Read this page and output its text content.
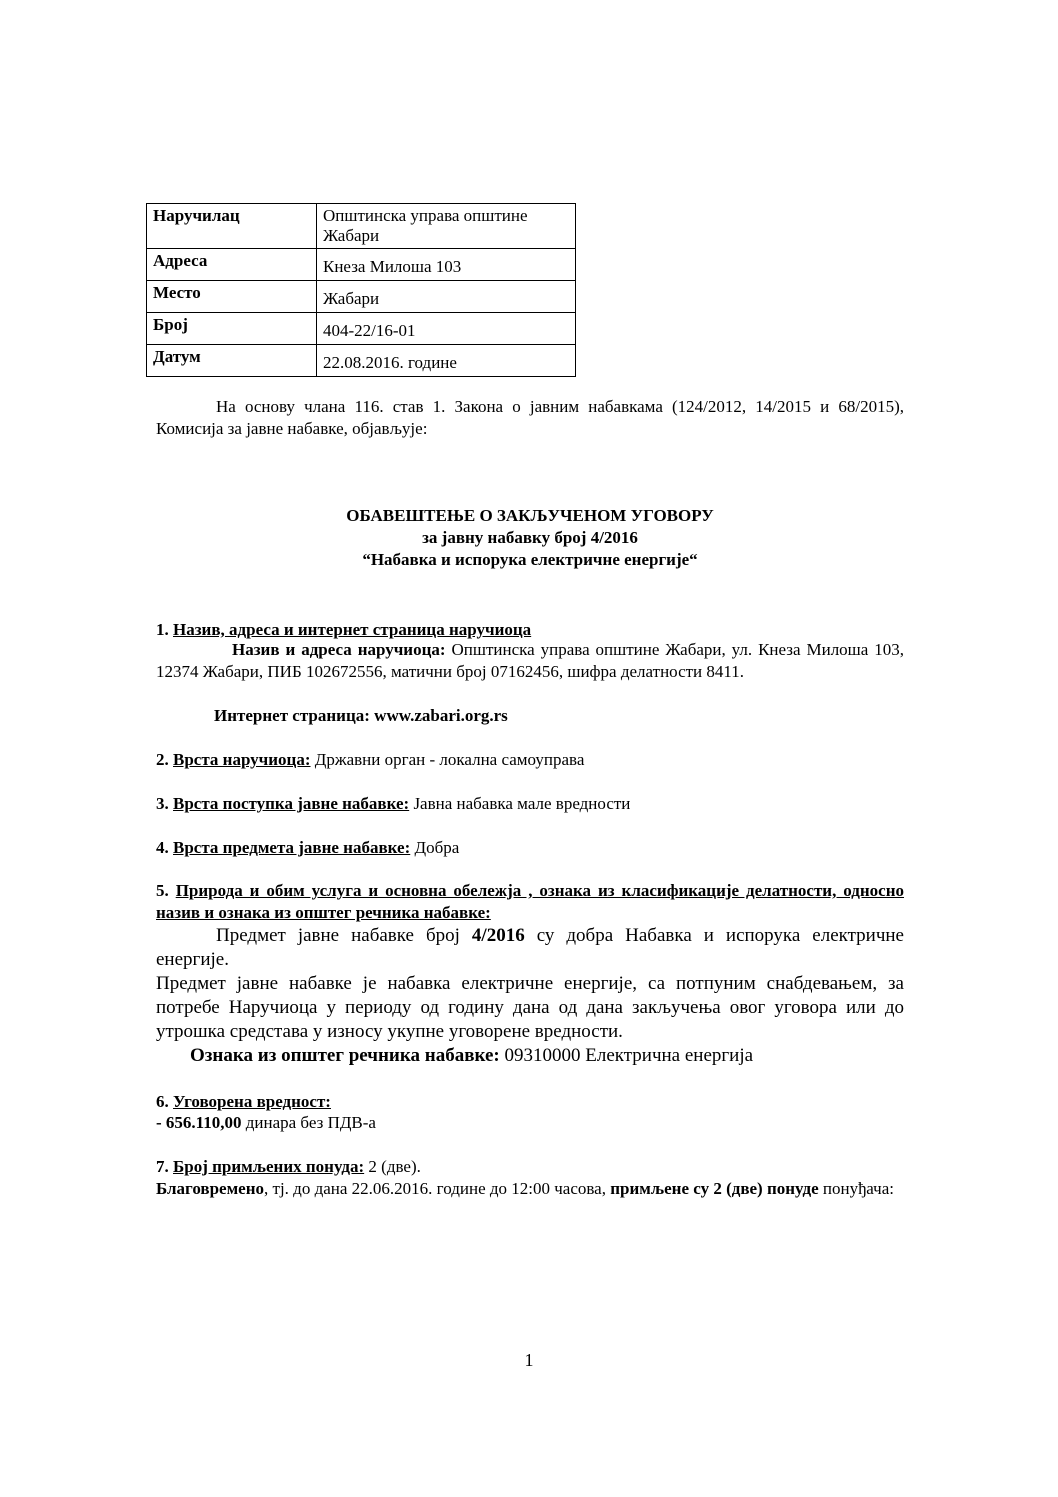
Наручилац	Општинска управа општине Жабари
Адреса	Кнеза Милоша 103
Место	Жабари
Број	404-22/16-01
Датум	22.08.2016. године
На основу члана 116. став 1. Закона о јавним набавкама (124/2012, 14/2015 и 68/2015), Комисија за јавне набавке, објављује:
ОБАВЕШТЕЊЕ О ЗАКЉУЧЕНОМ УГОВОРУ
за јавну набавку број 4/2016
“Набавка и испорука електричне енергије“
1. Назив, адреса и интернет страница наручиоца
Назив и адреса наручиоца: Општинска управа општине Жабари, ул. Кнеза Милоша 103, 12374 Жабари, ПИБ 102672556, матични број 07162456, шифра делатности 8411.
Интернет страница: www.zabari.org.rs
2. Врста наручиоца: Државни орган - локална самоуправа
3. Врста поступка јавне набавке: Јавна набавка мале вредности
4. Врста предмета јавне набавке: Добра
5. Природа и обим услуга и основна обележја , ознака из класификације делатности, односно назив и ознака из општег речника набавке:
Предмет јавне набавке број 4/2016 су добра Набавка и испорука електричне енергије.
Предмет јавне набавке је набавка електричне енергије, са потпуним снабдевањем, за потребе Наручиоца у периоду од годину дана од дана закључења овог уговора или до утрошка средстава у износу укупне уговорене вредности.
Ознака из општег речника набавке: 09310000 Електрична енергија
6. Уговорена вредност:
- 656.110,00 динара без ПДВ-а
7. Број примљених понуда: 2 (две).
Благовремено, тј. до дана 22.06.2016. године до 12:00 часова, примљене су 2 (две) понуде понуђача:
1
